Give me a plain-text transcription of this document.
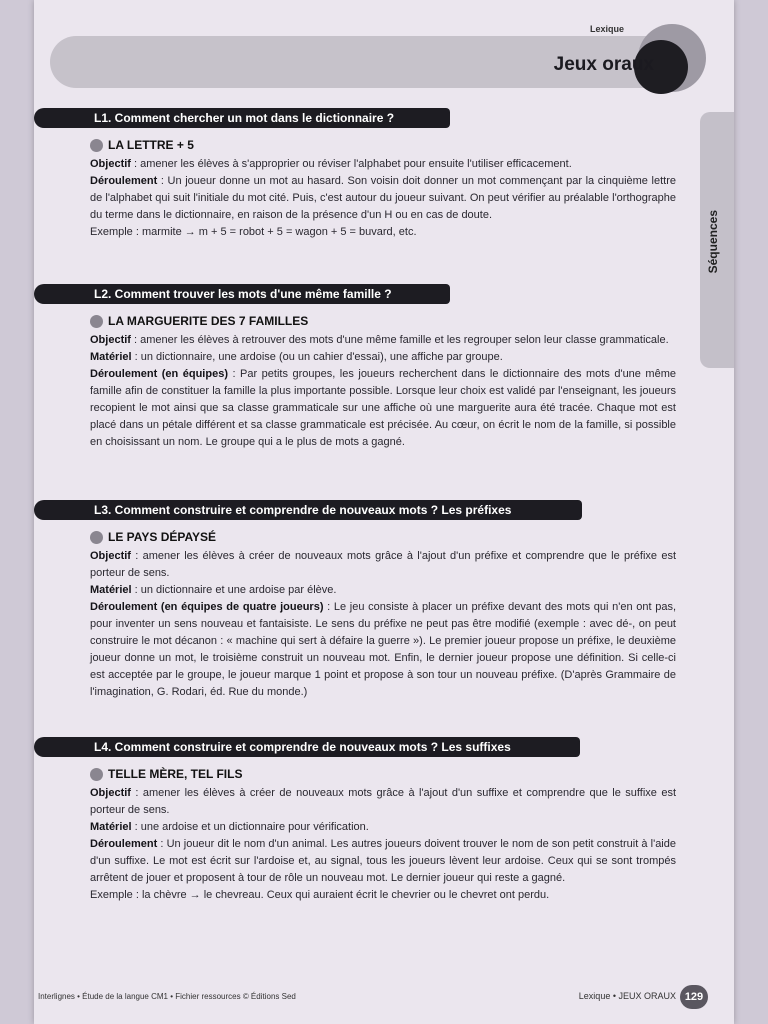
Lexique
Jeux oraux
Séquences
L1. Comment chercher un mot dans le dictionnaire ?
LA LETTRE + 5

Objectif : amener les élèves à s'approprier ou réviser l'alphabet pour ensuite l'utiliser efficacement.

Déroulement : Un joueur donne un mot au hasard. Son voisin doit donner un mot commençant par la cinquième lettre de l'alphabet qui suit l'initiale du mot cité. Puis, c'est autour du joueur suivant. On peut vérifier au préalable l'orthographe du terme dans le dictionnaire, en raison de la présence d'un H ou en cas de doute.

Exemple : marmite → m + 5 = robot + 5 = wagon + 5 = buvard, etc.

L2. Comment trouver les mots d'une même famille ?
LA MARGUERITE DES 7 FAMILLES

Objectif : amener les élèves à retrouver des mots d'une même famille et les regrouper selon leur classe grammaticale.

Matériel : un dictionnaire, une ardoise (ou un cahier d'essai), une affiche par groupe.

Déroulement (en équipes) : Par petits groupes, les joueurs recherchent dans le dictionnaire des mots d'une même famille afin de constituer la famille la plus importante possible. Lorsque leur choix est validé par l'enseignant, les joueurs recopient le mot ainsi que sa classe grammaticale sur une affiche où une marguerite aura été tracée. Chaque mot est placé dans un pétale différent et sa classe grammaticale est précisée. Au cœur, on écrit le nom de la famille, si possible en choisissant un nom. Le groupe qui a le plus de mots a gagné.

L3. Comment construire et comprendre de nouveaux mots ? Les préfixes
LE PAYS DÉPAYSÉ

Objectif : amener les élèves à créer de nouveaux mots grâce à l'ajout d'un préfixe et comprendre que le préfixe est porteur de sens.

Matériel : un dictionnaire et une ardoise par élève.

Déroulement (en équipes de quatre joueurs) : Le jeu consiste à placer un préfixe devant des mots qui n'en ont pas, pour inventer un sens nouveau et fantaisiste. Le sens du préfixe ne peut pas être modifié (exemple : avec dé-, on peut construire le mot décanon : « machine qui sert à défaire la guerre »). Le premier joueur propose un préfixe, le deuxième joueur donne un mot, le troisième construit un nouveau mot. Enfin, le dernier joueur propose une définition. Si celle-ci est acceptée par le groupe, le joueur marque 1 point et propose à son tour un nouveau préfixe. (D'après Grammaire de l'imagination, G. Rodari, éd. Rue du monde.)

L4. Comment construire et comprendre de nouveaux mots ? Les suffixes
TELLE MÈRE, TEL FILS

Objectif : amener les élèves à créer de nouveaux mots grâce à l'ajout d'un suffixe et comprendre que le suffixe est porteur de sens.

Matériel : une ardoise et un dictionnaire pour vérification.

Déroulement : Un joueur dit le nom d'un animal. Les autres joueurs doivent trouver le nom de son petit construit à l'aide d'un suffixe. Le mot est écrit sur l'ardoise et, au signal, tous les joueurs lèvent leur ardoise. Ceux qui se sont trompés arrêtent de jouer et proposent à tour de rôle un nouveau mot. Le dernier joueur qui reste a gagné.

Exemple : la chèvre → le chevreau. Ceux qui auraient écrit le chevrier ou le chevret ont perdu.

Interlignes • Étude de la langue CM1 • Fichier ressources © Éditions Sed	Lexique • JEUX ORAUX 129
